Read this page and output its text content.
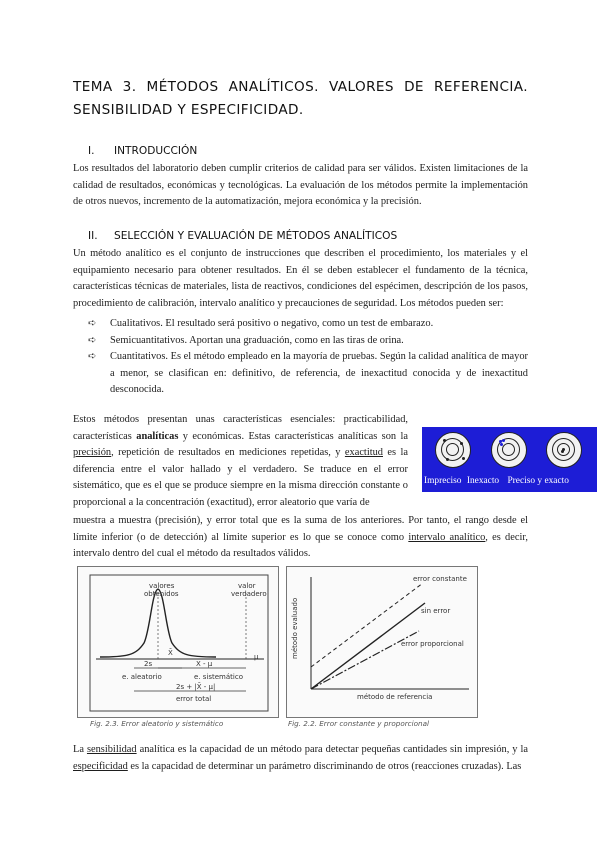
TEMA 3. MÉTODOS ANALÍTICOS. VALORES DE REFERENCIA. SENSIBILIDAD Y ESPECIFICIDAD.
I. INTRODUCCIÓN
Los resultados del laboratorio deben cumplir criterios de calidad para ser válidos. Existen limitaciones de la calidad de resultados, económicas y tecnológicas. La evaluación de los métodos permite la implementación de otros nuevos, incremento de la automatización, mejora económica y la precisión.
II. SELECCIÓN Y EVALUACIÓN DE MÉTODOS ANALÍTICOS
Un método analítico es el conjunto de instrucciones que describen el procedimiento, los materiales y el equipamiento necesario para obtener resultados. En él se deben establecer el fundamento de la técnica, características técnicas de materiales, lista de reactivos, condiciones del espécimen, descripción de los pasos, procedimiento de calibración, intervalo analítico y precauciones de seguridad. Los métodos pueden ser:
➪ Cualitativos. El resultado será positivo o negativo, como un test de embarazo.
➪ Semicuantitativos. Aportan una graduación, como en las tiras de orina.
➪ Cuantitativos. Es el método empleado en la mayoría de pruebas. Según la calidad analítica de mayor a menor, se clasifican en: definitivo, de referencia, de inexactitud conocida y de inexactitud desconocida.
Estos métodos presentan unas características esenciales: practicabilidad, características analíticas y económicas. Estas características analíticas son la precisión, repetición de resultados en mediciones repetidas, y exactitud es la diferencia entre el valor hallado y el verdadero. Se traduce en el error sistemático, que es el que se produce siempre en la misma dirección constante o proporcional a la concentración (exactitud), error aleatorio que varía de
Impreciso Inexacto Preciso y exacto
muestra a muestra (precisión), y error total que es la suma de los anteriores. Por tanto, el rango desde el límite inferior (o de detección) al límite superior es lo que se conoce como intervalo analítico, es decir, intervalo dentro del cual el método da resultados válidos.
valores
obtenidos
valor
verdadero
X̄	μ
2s	X̄ - μ
e. aleatorio	e. sistemático
2s + |X̄ - μ|
error total
Fig. 2.3. Error aleatorio y sistemático
método evaluado
método de referencia
error constante
sin error
error proporcional
Fig. 2.2. Error constante y proporcional
La sensibilidad analítica es la capacidad de un método para detectar pequeñas cantidades sin impresión, y la especificidad es la capacidad de determinar un parámetro discriminando de otros (reacciones cruzadas). Las
